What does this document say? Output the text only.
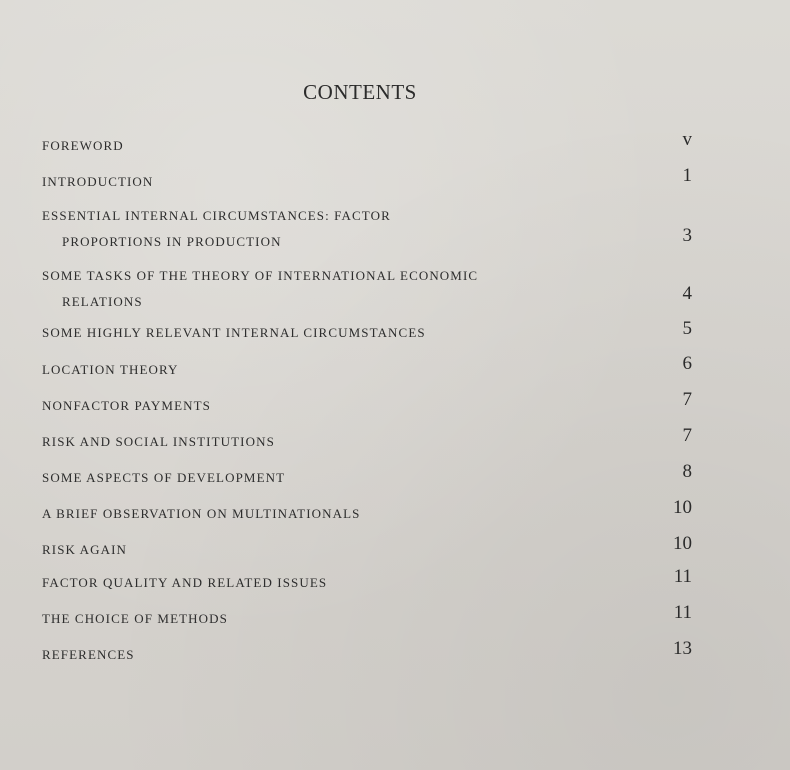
CONTENTS
FOREWORD	v
INTRODUCTION	1
ESSENTIAL INTERNAL CIRCUMSTANCES: FACTOR
PROPORTIONS IN PRODUCTION	3
SOME TASKS OF THE THEORY OF INTERNATIONAL ECONOMIC
RELATIONS	4
SOME HIGHLY RELEVANT INTERNAL CIRCUMSTANCES	5
LOCATION THEORY	6
NONFACTOR PAYMENTS	7
RISK AND SOCIAL INSTITUTIONS	7
SOME ASPECTS OF DEVELOPMENT	8
A BRIEF OBSERVATION ON MULTINATIONALS	10
RISK AGAIN	10
FACTOR QUALITY AND RELATED ISSUES	11
THE CHOICE OF METHODS	11
REFERENCES	13
